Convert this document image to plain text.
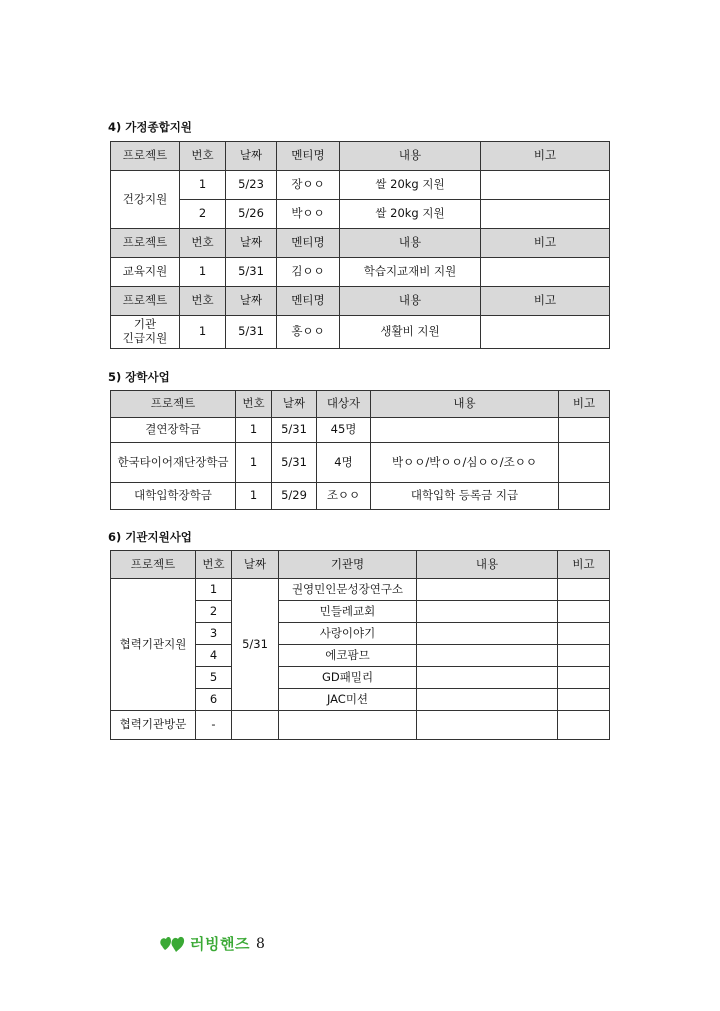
4) 가정종합지원
프로젝트	번호	날짜	멘티명	내용	비고
건강지원	1	5/23	장ㅇㅇ	쌀 20kg 지원	
	2	5/26	박ㅇㅇ	쌀 20kg 지원	
프로젝트	번호	날짜	멘티명	내용	비고
교육지원	1	5/31	김ㅇㅇ	학습지교재비 지원	
프로젝트	번호	날짜	멘티명	내용	비고

기관
긴급지원	1	5/31	홍ㅇㅇ	생활비 지원	
5) 장학사업
프로젝트	번호	날짜	대상자	내용	비고
결연장학금	1	5/31	45명		
한국타이어재단장학금	1	5/31	4명	박ㅇㅇ/박ㅇㅇ/심ㅇㅇ/조ㅇㅇ	
대학입학장학금	1	5/29	조ㅇㅇ	대학입학 등록금 지급	
6) 기관지원사업
프로젝트	번호	날짜	기관명	내용	비고
협력기관지원	1	5/31	권영민인문성장연구소		
	2		민들레교회		
	3		사랑이야기		
	4		에코팜므		
	5		GD패밀리		
	6		JAC미션		
협력기관방문	-				
러빙핸즈 8
